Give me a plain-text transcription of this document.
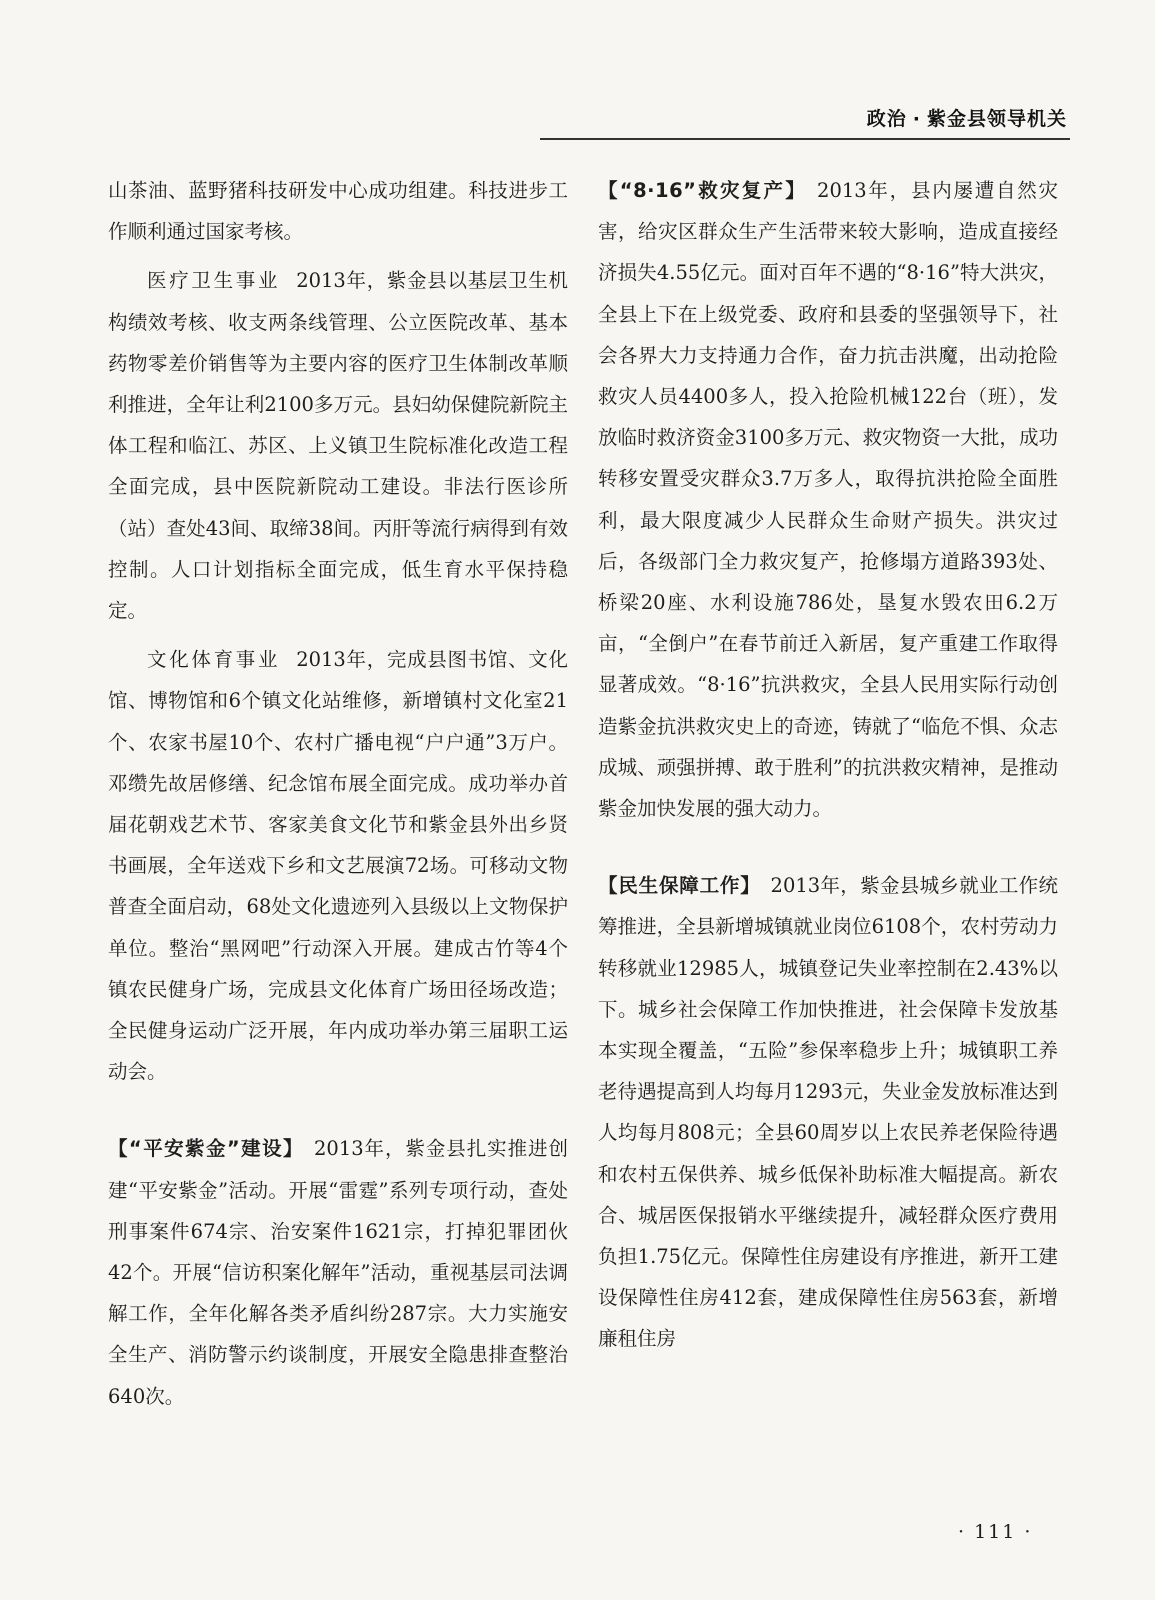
政治 · 紫金县领导机关

山茶油、蓝野猪科技研发中心成功组建。科技进步工作顺利通过国家考核。

医疗卫生事业 2013年，紫金县以基层卫生机构绩效考核、收支两条线管理、公立医院改革、基本药物零差价销售等为主要内容的医疗卫生体制改革顺利推进，全年让利2100多万元。县妇幼保健院新院主体工程和临江、苏区、上义镇卫生院标准化改造工程全面完成，县中医院新院动工建设。非法行医诊所（站）查处43间、取缔38间。丙肝等流行病得到有效控制。人口计划指标全面完成，低生育水平保持稳定。

文化体育事业 2013年，完成县图书馆、文化馆、博物馆和6个镇文化站维修，新增镇村文化室21个、农家书屋10个、农村广播电视“户户通”3万户。邓缵先故居修缮、纪念馆布展全面完成。成功举办首届花朝戏艺术节、客家美食文化节和紫金县外出乡贤书画展，全年送戏下乡和文艺展演72场。可移动文物普查全面启动，68处文化遗迹列入县级以上文物保护单位。整治“黑网吧”行动深入开展。建成古竹等4个镇农民健身广场，完成县文化体育广场田径场改造；全民健身运动广泛开展，年内成功举办第三届职工运动会。

【“平安紫金”建设】 2013年，紫金县扎实推进创建“平安紫金”活动。开展“雷霆”系列专项行动，查处刑事案件674宗、治安案件1621宗，打掉犯罪团伙42个。开展“信访积案化解年”活动，重视基层司法调解工作，全年化解各类矛盾纠纷287宗。大力实施安全生产、消防警示约谈制度，开展安全隐患排查整治640次。

【“8·16”救灾复产】 2013年，县内屡遭自然灾害，给灾区群众生产生活带来较大影响，造成直接经济损失4.55亿元。面对百年不遇的“8·16”特大洪灾，全县上下在上级党委、政府和县委的坚强领导下，社会各界大力支持通力合作，奋力抗击洪魔，出动抢险救灾人员4400多人，投入抢险机械122台（班），发放临时救济资金3100多万元、救灾物资一大批，成功转移安置受灾群众3.7万多人，取得抗洪抢险全面胜利，最大限度减少人民群众生命财产损失。洪灾过后，各级部门全力救灾复产，抢修塌方道路393处、桥梁20座、水利设施786处，垦复水毁农田6.2万亩，“全倒户”在春节前迁入新居，复产重建工作取得显著成效。“8·16”抗洪救灾，全县人民用实际行动创造紫金抗洪救灾史上的奇迹，铸就了“临危不惧、众志成城、顽强拼搏、敢于胜利”的抗洪救灾精神，是推动紫金加快发展的强大动力。

【民生保障工作】 2013年，紫金县城乡就业工作统筹推进，全县新增城镇就业岗位6108个，农村劳动力转移就业12985人，城镇登记失业率控制在2.43%以下。城乡社会保障工作加快推进，社会保障卡发放基本实现全覆盖，“五险”参保率稳步上升；城镇职工养老待遇提高到人均每月1293元，失业金发放标准达到人均每月808元；全县60周岁以上农民养老保险待遇和农村五保供养、城乡低保补助标准大幅提高。新农合、城居医保报销水平继续提升，减轻群众医疗费用负担1.75亿元。保障性住房建设有序推进，新开工建设保障性住房412套，建成保障性住房563套，新增廉租住房

· 111 ·
